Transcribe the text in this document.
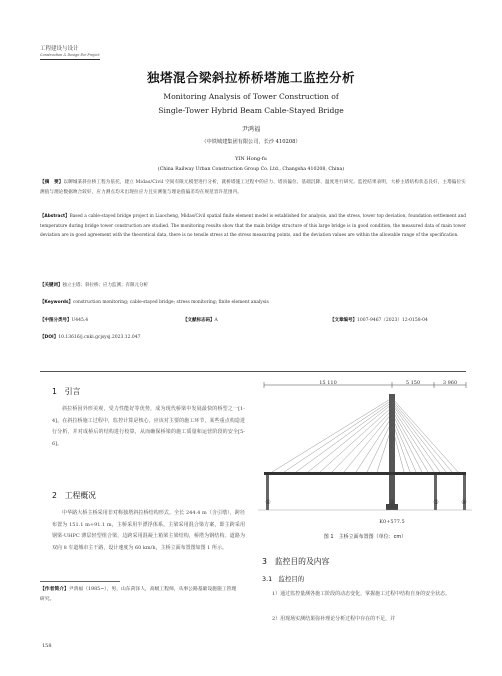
工程建设与设计
Construction & Design For Project
独塔混合梁斜拉桥桥塔施工监控分析
Monitoring Analysis of Tower Construction of
Single-Tower Hybrid Beam Cable-Stayed Bridge
尹鸿福
（中铁城建集团有限公司，长沙 410208）
YIN Hong-fu
(China Railway Urban Construction Group Co. Ltd., Changsha 410208, China)
【摘　要】以聊城某斜拉桥工程为依托，建立 Midas/Civil 空间有限元模型进行分析，就桥塔施工过程中的应力、塔顶偏位、基础沉降、温度进行研究。监控结果表明，大桥主塔结构状态良好，主塔偏位实测值与理论数据吻合较好，应力测点均未出现拉应力且实测值与理论值偏差均在规范容许范围内。
【Abstract】Based a cable-stayed bridge project in Liaocheng, Midas/Civil spatial finite element model is established for analysis, and the stress, tower top deviation, foundation settlement and temperature during bridge tower construction are studied. The monitoring results show that the main bridge structure of this large bridge is in good condition, the measured data of main tower deviation are in good agreement with the theoretical data, there is no tensile stress at the stress measuring points, and the deviation values are within the allowable range of the specification.
【关键词】独立主塔；斜拉桥；应力监测；有限元分析
【Keywords】construction monitoring; cable-stayed bridge; stress monitoring; finite element analysis
【中图分类号】U445.4	【文献标志码】A	【文章编号】1007-9467（2023）12-0158-04
【DOI】10.13616/j.cnki.gcjsysj.2023.12.047
1　引言
斜拉桥因外形美观，受力性能好等优势，成为现代桥梁中发展最快的桥型之一[1-4]。在斜拉桥施工过程中，监控计算是核心，应该对主要的施工环节，某些重点构造进行分析，并对成桥后的结构进行校算，从而确保桥梁的施工质量和运营阶段的安全[5-6]。
2　工程概况
中华路大桥主桥采用非对称独塔斜拉桥结构形式。全长 244.4 m（含引墩），跨径布置为 151.1 m+91.1 m，主桥采用半漂浮体系，主梁采用混合梁方案，即主跨采用钢梁-UHPC 薄层轻型组合梁，边跨采用混凝土箱梁主梁结构，桥塔为钢结构。道路为双向 8 车道城市主干路，设计速度为 60 km/h，主桥立面布置图如图 1 所示。
【作者简介】尹鸿福（1985~），男，山东菏泽人，高级工程师，从事公路基础设施施工管理研究。
158
15 110	5 150	3 960
①	②	③	④
K0+577.5
图 1　主桥立面布置图（单位：cm）
3　监控目的及内容
3.1　监控目的
1）通过监控量测各施工阶段的动态变化，掌握施工过程中结构自身的安全状态。
2）用现场实测结果弥补理论分析过程中存在的不足，并
